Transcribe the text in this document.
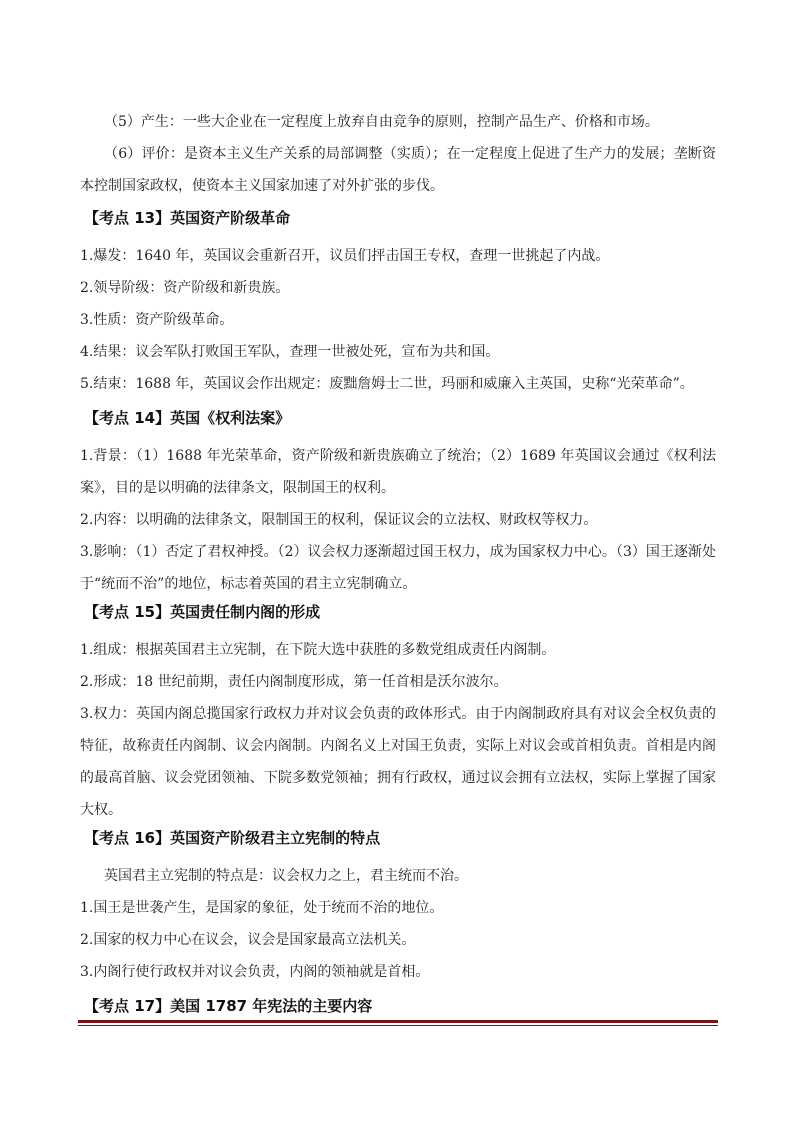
（5）产生：一些大企业在一定程度上放弃自由竞争的原则，控制产品生产、价格和市场。

（6）评价：是资本主义生产关系的局部调整（实质）；在一定程度上促进了生产力的发展；垄断资本控制国家政权，使资本主义国家加速了对外扩张的步伐。

【考点 13】英国资产阶级革命

1.爆发：1640 年，英国议会重新召开，议员们抨击国王专权，查理一世挑起了内战。

2.领导阶级：资产阶级和新贵族。

3.性质：资产阶级革命。

4.结果：议会军队打败国王军队，查理一世被处死，宣布为共和国。

5.结束：1688 年，英国议会作出规定：废黜詹姆士二世，玛丽和威廉入主英国，史称“光荣革命”。

【考点 14】英国《权利法案》

1.背景：（1）1688 年光荣革命，资产阶级和新贵族确立了统治；（2）1689 年英国议会通过《权利法案》，目的是以明确的法律条文，限制国王的权利。

2.内容：以明确的法律条文，限制国王的权利，保证议会的立法权、财政权等权力。

3.影响：（1）否定了君权神授。（2）议会权力逐渐超过国王权力，成为国家权力中心。（3）国王逐渐处于“统而不治”的地位，标志着英国的君主立宪制确立。

【考点 15】英国责任制内阁的形成

1.组成：根据英国君主立宪制，在下院大选中获胜的多数党组成责任内阁制。

2.形成：18 世纪前期，责任内阁制度形成，第一任首相是沃尔波尔。

3.权力：英国内阁总揽国家行政权力并对议会负责的政体形式。由于内阁制政府具有对议会全权负责的特征，故称责任内阁制、议会内阁制。内阁名义上对国王负责，实际上对议会或首相负责。首相是内阁的最高首脑、议会党团领袖、下院多数党领袖；拥有行政权，通过议会拥有立法权，实际上掌握了国家大权。

【考点 16】英国资产阶级君主立宪制的特点

英国君主立宪制的特点是：议会权力之上，君主统而不治。

1.国王是世袭产生，是国家的象征，处于统而不治的地位。

2.国家的权力中心在议会，议会是国家最高立法机关。

3.内阁行使行政权并对议会负责，内阁的领袖就是首相。

【考点 17】美国 1787 年宪法的主要内容
